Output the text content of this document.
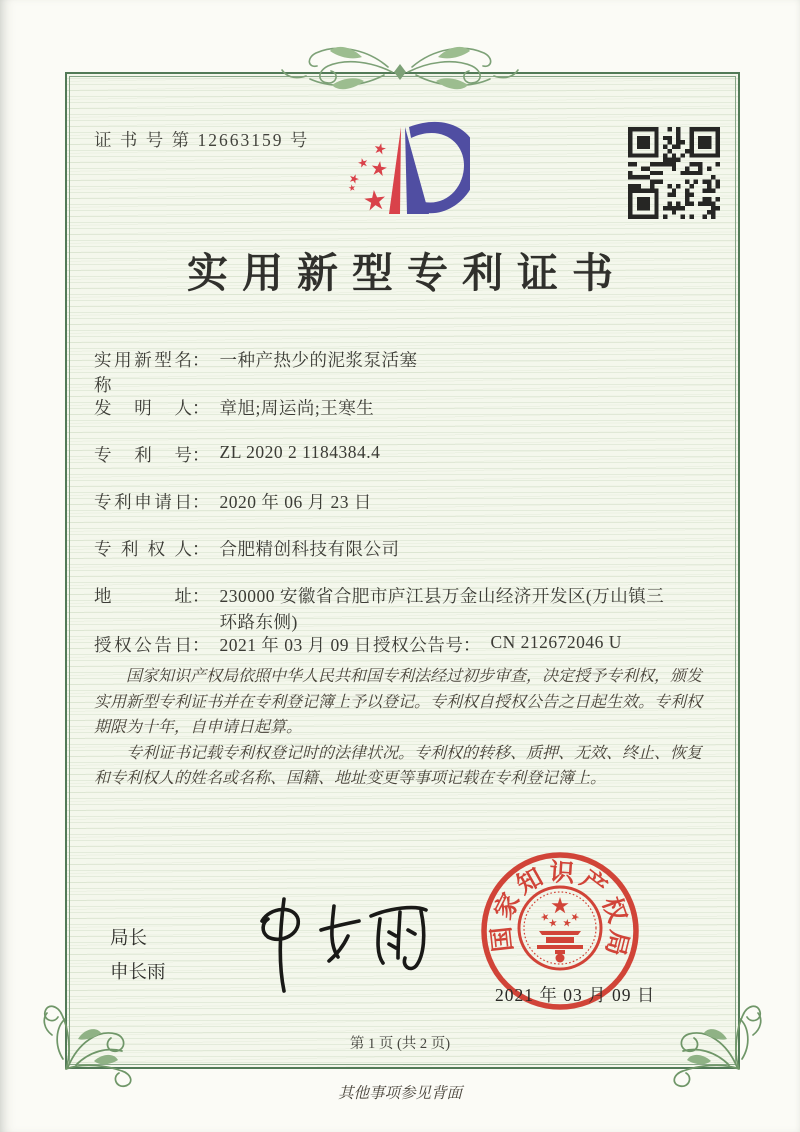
证 书 号 第 12663159 号
实用新型专利证书
实用新型名称： 一种产热少的泥浆泵活塞
发明人： 章旭;周运尚;王寒生
专利号： ZL 2020 2 1184384.4
专利申请日： 2020 年 06 月 23 日
专利权人： 合肥精创科技有限公司
地址： 230000 安徽省合肥市庐江县万金山经济开发区(万山镇三环路东侧)
授权公告日： 2021 年 03 月 09 日 授权公告号： CN 212672046 U

国家知识产权局依照中华人民共和国专利法经过初步审查，决定授予专利权，颁发实用新型专利证书并在专利登记簿上予以登记。专利权自授权公告之日起生效。专利权期限为十年，自申请日起算。

专利证书记载专利权登记时的法律状况。专利权的转移、质押、无效、终止、恢复和专利权人的姓名或名称、国籍、地址变更等事项记载在专利登记簿上。

局长
申长雨
国家知识产权局
2021 年 03 月 09 日
第 1 页 (共 2 页)
其他事项参见背面
